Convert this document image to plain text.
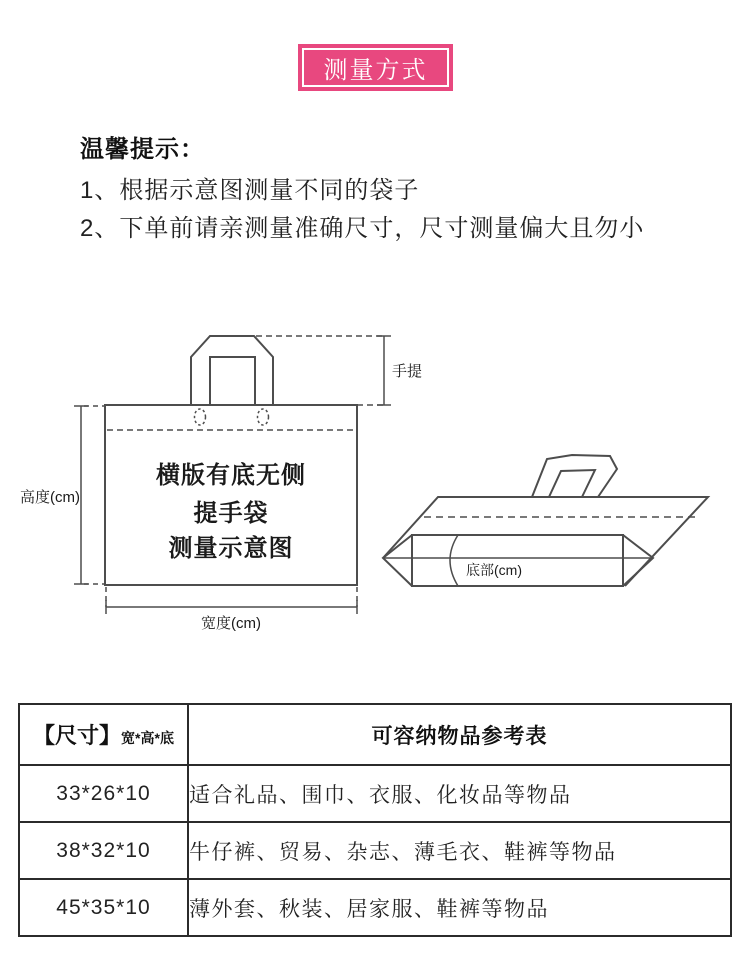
测量方式
温馨提示：
1、根据示意图测量不同的袋子
2、下单前请亲测量准确尺寸，尺寸测量偏大且勿小
横版有底无侧
提手袋
测量示意图
手提
高度(cm)
宽度(cm)
底部(cm)
【尺寸】宽*高*底	可容纳物品参考表
33*26*10	适合礼品、围巾、衣服、化妆品等物品
38*32*10	牛仔裤、贸易、杂志、薄毛衣、鞋裤等物品
45*35*10	薄外套、秋装、居家服、鞋裤等物品
